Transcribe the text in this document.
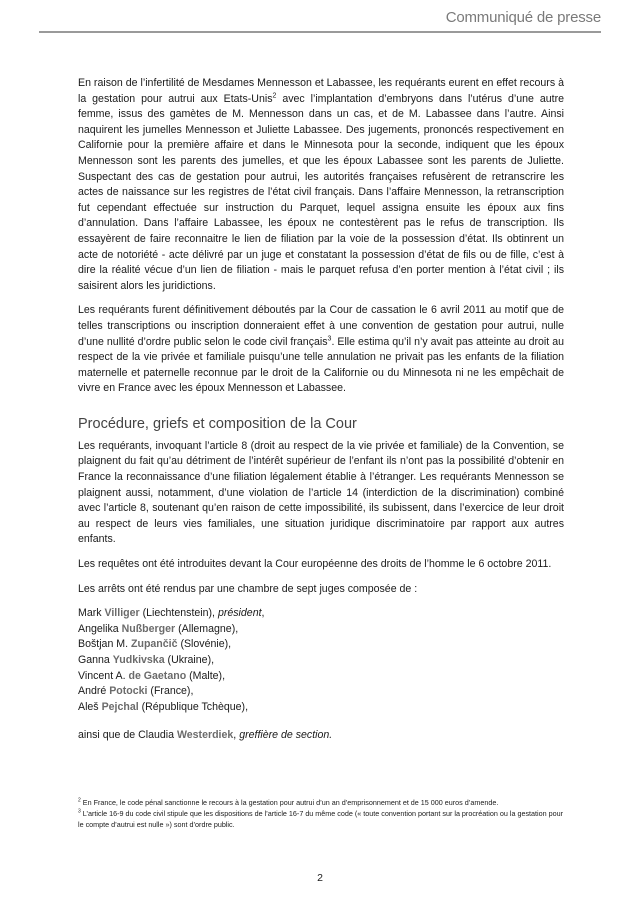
Communiqué de presse

En raison de l’infertilité de Mesdames Mennesson et Labassee, les requérants eurent en effet recours à la gestation pour autrui aux Etats-Unis$^2$ avec l’implantation d’embryons dans l’utérus d’une autre femme, issus des gamètes de M. Mennesson dans un cas, et de M. Labassee dans l’autre. Ainsi naquirent les jumelles Mennesson et Juliette Labassee. Des jugements, prononcés respectivement en Californie pour la première affaire et dans le Minnesota pour la seconde, indiquent que les époux Mennesson sont les parents des jumelles, et que les époux Labassee sont les parents de Juliette. Suspectant des cas de gestation pour autrui, les autorités françaises refusèrent de retranscrire les actes de naissance sur les registres de l’état civil français. Dans l’affaire Mennesson, la retranscription fut cependant effectuée sur instruction du Parquet, lequel assigna ensuite les époux aux fins d’annulation. Dans l’affaire Labassee, les époux ne contestèrent pas le refus de transcription. Ils essayèrent de faire reconnaitre le lien de filiation par la voie de la possession d’état. Ils obtinrent un acte de notoriété - acte délivré par un juge et constatant la possession d’état de fils ou de fille, c’est à dire la réalité vécue d’un lien de filiation - mais le parquet refusa d’en porter mention à l’état civil ; ils saisirent alors les juridictions.

Les requérants furent définitivement déboutés par la Cour de cassation le 6 avril 2011 au motif que de telles transcriptions ou inscription donneraient effet à une convention de gestation pour autrui, nulle d’une nullité d’ordre public selon le code civil français$^3$. Elle estima qu’il n’y avait pas atteinte au droit au respect de la vie privée et familiale puisqu’une telle annulation ne privait pas les enfants de la filiation maternelle et paternelle reconnue par le droit de la Californie ou du Minnesota ni ne les empêchait de vivre en France avec les époux Mennesson et Labassee.

Procédure, griefs et composition de la Cour

Les requérants, invoquant l’article 8 (droit au respect de la vie privée et familiale) de la Convention, se plaignent du fait qu’au détriment de l’intérêt supérieur de l’enfant ils n’ont pas la possibilité d’obtenir en France la reconnaissance d’une filiation légalement établie à l’étranger. Les requérants Mennesson se plaignent aussi, notamment, d’une violation de l’article 14 (interdiction de la discrimination) combiné avec l’article 8, soutenant qu’en raison de cette impossibilité, ils subissent, dans l’exercice de leur droit au respect de leurs vies familiales, une situation juridique discriminatoire par rapport aux autres enfants.

Les requêtes ont été introduites devant la Cour européenne des droits de l’homme le 6 octobre 2011.

Les arrêts ont été rendus par une chambre de sept juges composée de :

Mark Villiger (Liechtenstein), président,
Angelika Nußberger (Allemagne),
Boštjan M. Zupančič (Slovénie),
Ganna Yudkivska (Ukraine),
Vincent A. de Gaetano (Malte),
André Potocki (France),
Aleš Pejchal (République Tchèque),

ainsi que de Claudia Westerdiek, greffière de section.

$^2$ En France, le code pénal sanctionne le recours à la gestation pour autrui d’un an d’emprisonnement et de 15 000 euros d’amende.

$^3$ L’article 16-9 du code civil stipule que les dispositions de l’article 16-7 du même code (« toute convention portant sur la procréation ou la gestation pour le compte d’autrui est nulle ») sont d’ordre public.

2
